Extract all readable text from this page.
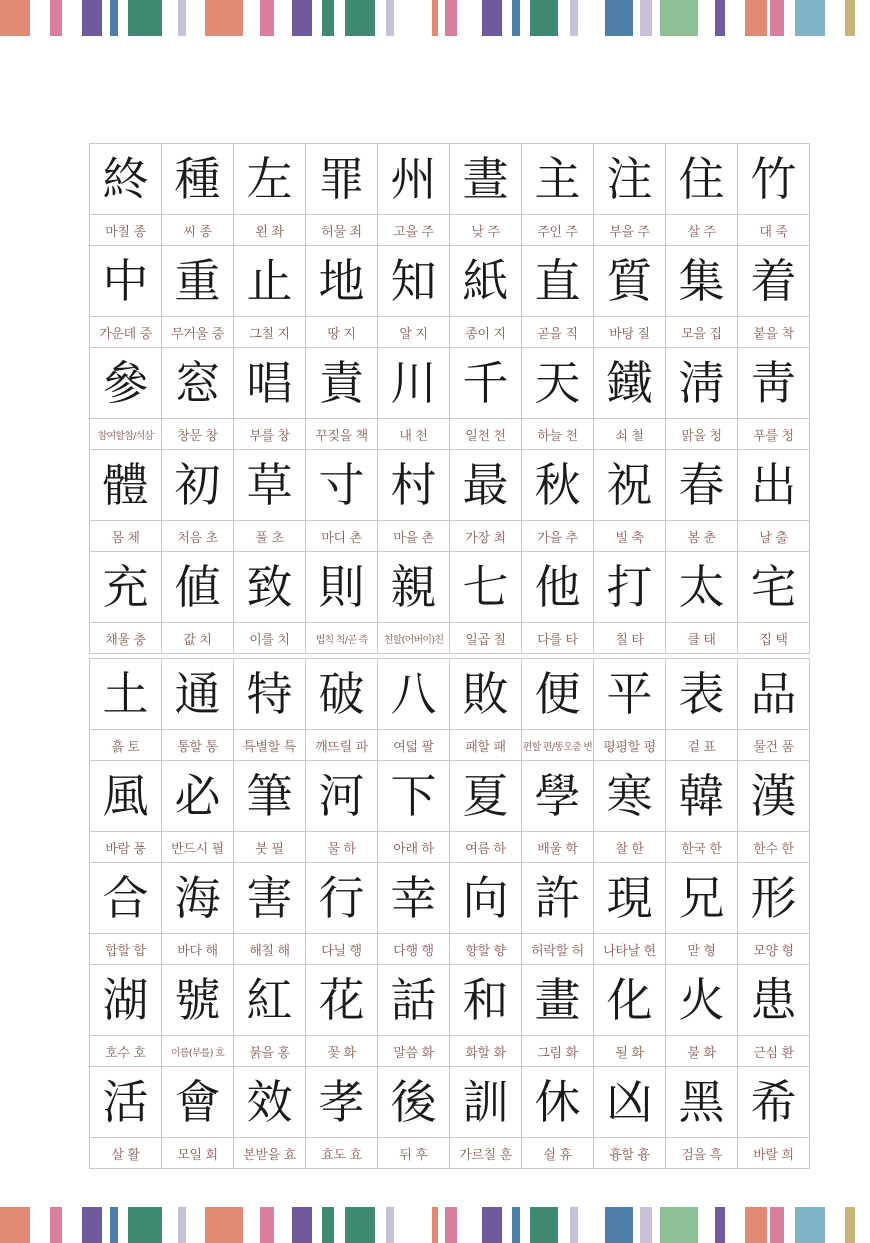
終
마칠 종
種
씨 종
左
왼 좌
罪
허물 죄
州
고을 주
晝
낮 주
主
주인 주
注
부을 주
住
살 주
竹
대 죽
中
가운데 중
重
무거울 중
止
그칠 지
地
땅 지
知
알 지
紙
종이 지
直
곧을 직
質
바탕 질
集
모을 집
着
붙을 착
參
참여할참/석삼
窓
창문 창
唱
부를 창
責
꾸짖을 책
川
내 천
千
일천 천
天
하늘 천
鐵
쇠 철
淸
맑을 청
靑
푸를 청
體
몸 체
初
처음 초
草
풀 초
寸
마디 촌
村
마을 촌
最
가장 최
秋
가을 추
祝
빌 축
春
봄 춘
出
날 출
充
채울 충
値
값 치
致
이를 치
則
법칙 칙/곧 즉
親
친할(어버이)친
七
일곱 칠
他
다를 타
打
칠 타
太
클 태
宅
집 택
土
흙 토
通
통할 통
特
특별할 특
破
깨뜨릴 파
八
여덟 팔
敗
패할 패
便
편할 편/똥오줌 변
平
평평할 평
表
겉 표
品
물건 품
風
바람 풍
必
반드시 필
筆
붓 필
河
물 하
下
아래 하
夏
여름 하
學
배울 학
寒
찰 한
韓
한국 한
漢
한수 한
合
합할 합
海
바다 해
害
해칠 해
行
다닐 행
幸
다행 행
向
향할 향
許
허락할 허
現
나타날 현
兄
맏 형
形
모양 형
湖
호수 호
號
이름(부를) 호
紅
붉을 홍
花
꽃 화
話
말씀 화
和
화할 화
畫
그림 화
化
될 화
火
불 화
患
근심 환
活
살 활
會
모일 회
效
본받을 효
孝
효도 효
後
뒤 후
訓
가르칠 훈
休
쉴 휴
凶
흉할 흉
黑
검을 흑
希
바랄 희
